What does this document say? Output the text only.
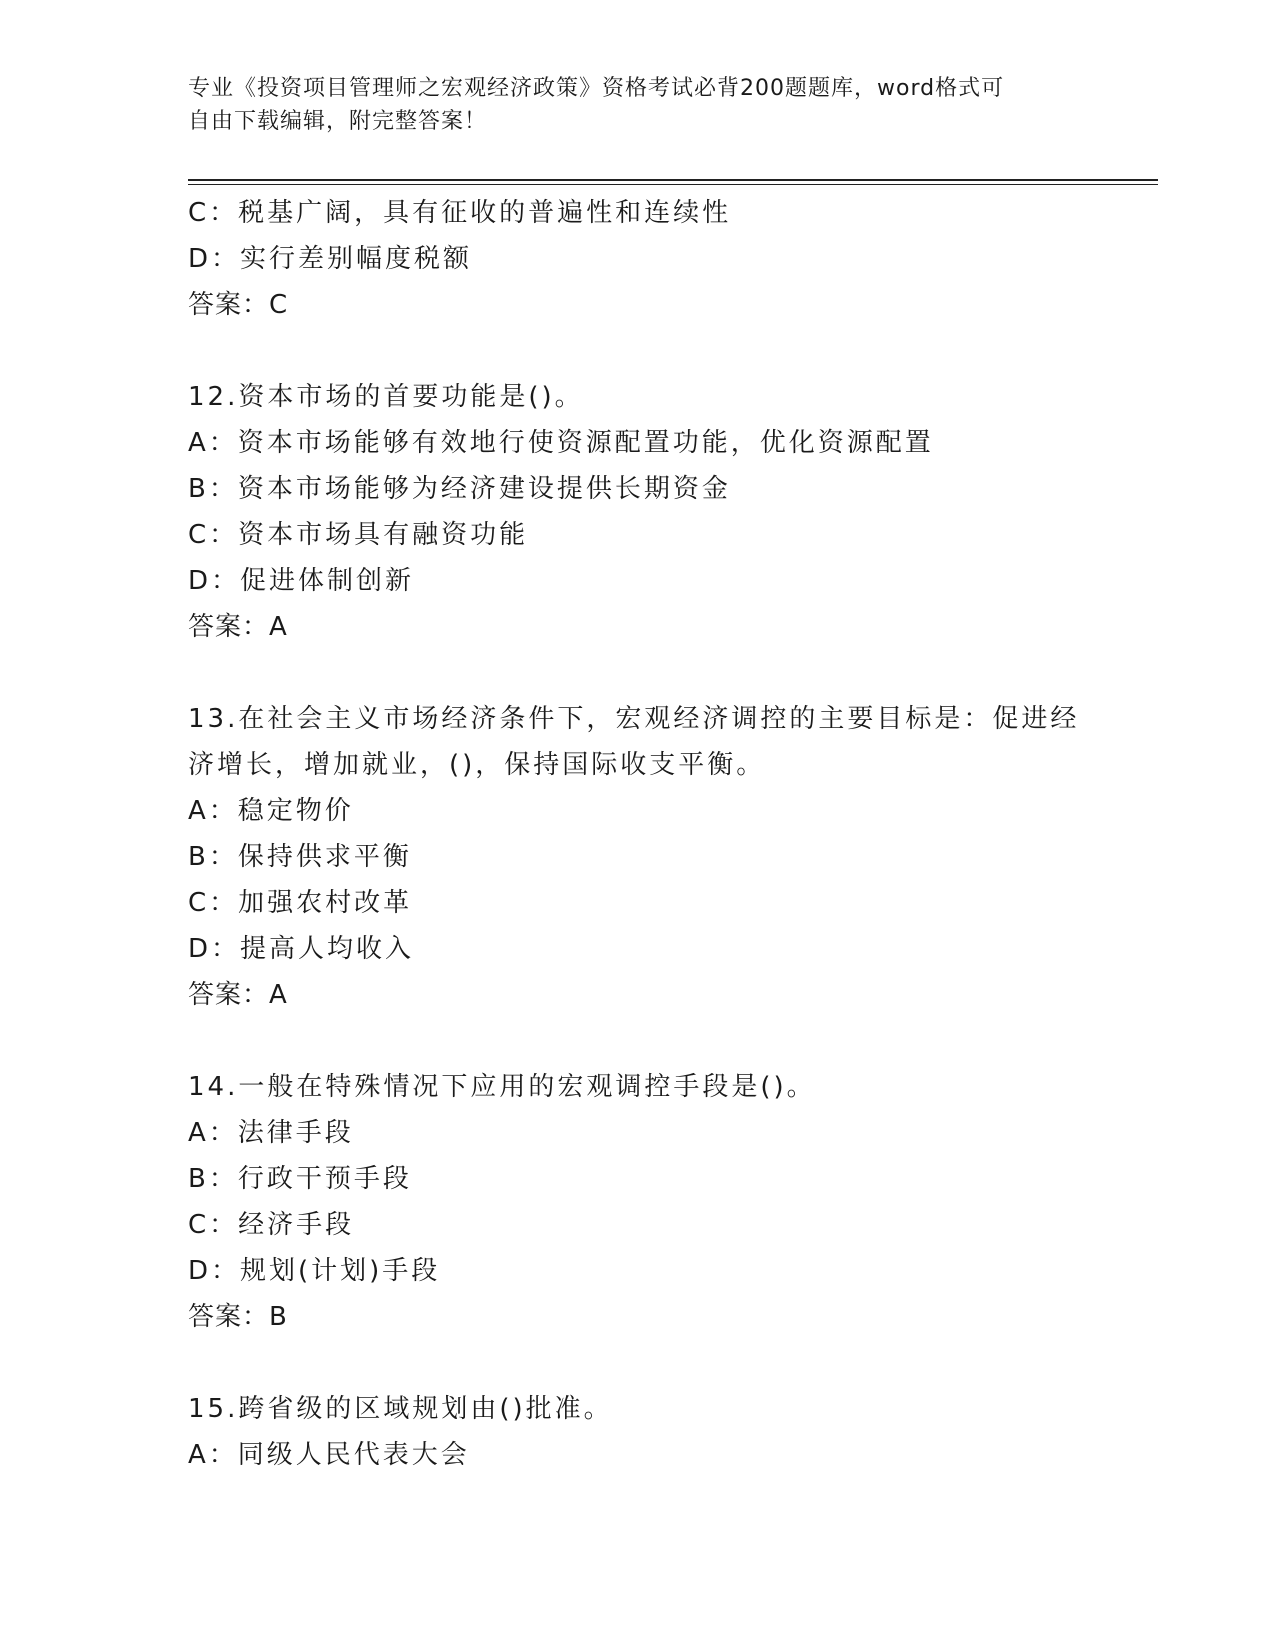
专业《投资项目管理师之宏观经济政策》资格考试必背200题题库，word格式可
自由下载编辑，附完整答案！
C：税基广阔，具有征收的普遍性和连续性
D：实行差别幅度税额
答案：C
12.资本市场的首要功能是()。
A：资本市场能够有效地行使资源配置功能，优化资源配置
B：资本市场能够为经济建设提供长期资金
C：资本市场具有融资功能
D：促进体制创新
答案：A
13.在社会主义市场经济条件下，宏观经济调控的主要目标是：促进经
济增长，增加就业，()，保持国际收支平衡。
A：稳定物价
B：保持供求平衡
C：加强农村改革
D：提高人均收入
答案：A
14.一般在特殊情况下应用的宏观调控手段是()。
A：法律手段
B：行政干预手段
C：经济手段
D：规划(计划)手段
答案：B
15.跨省级的区域规划由()批准。
A：同级人民代表大会
